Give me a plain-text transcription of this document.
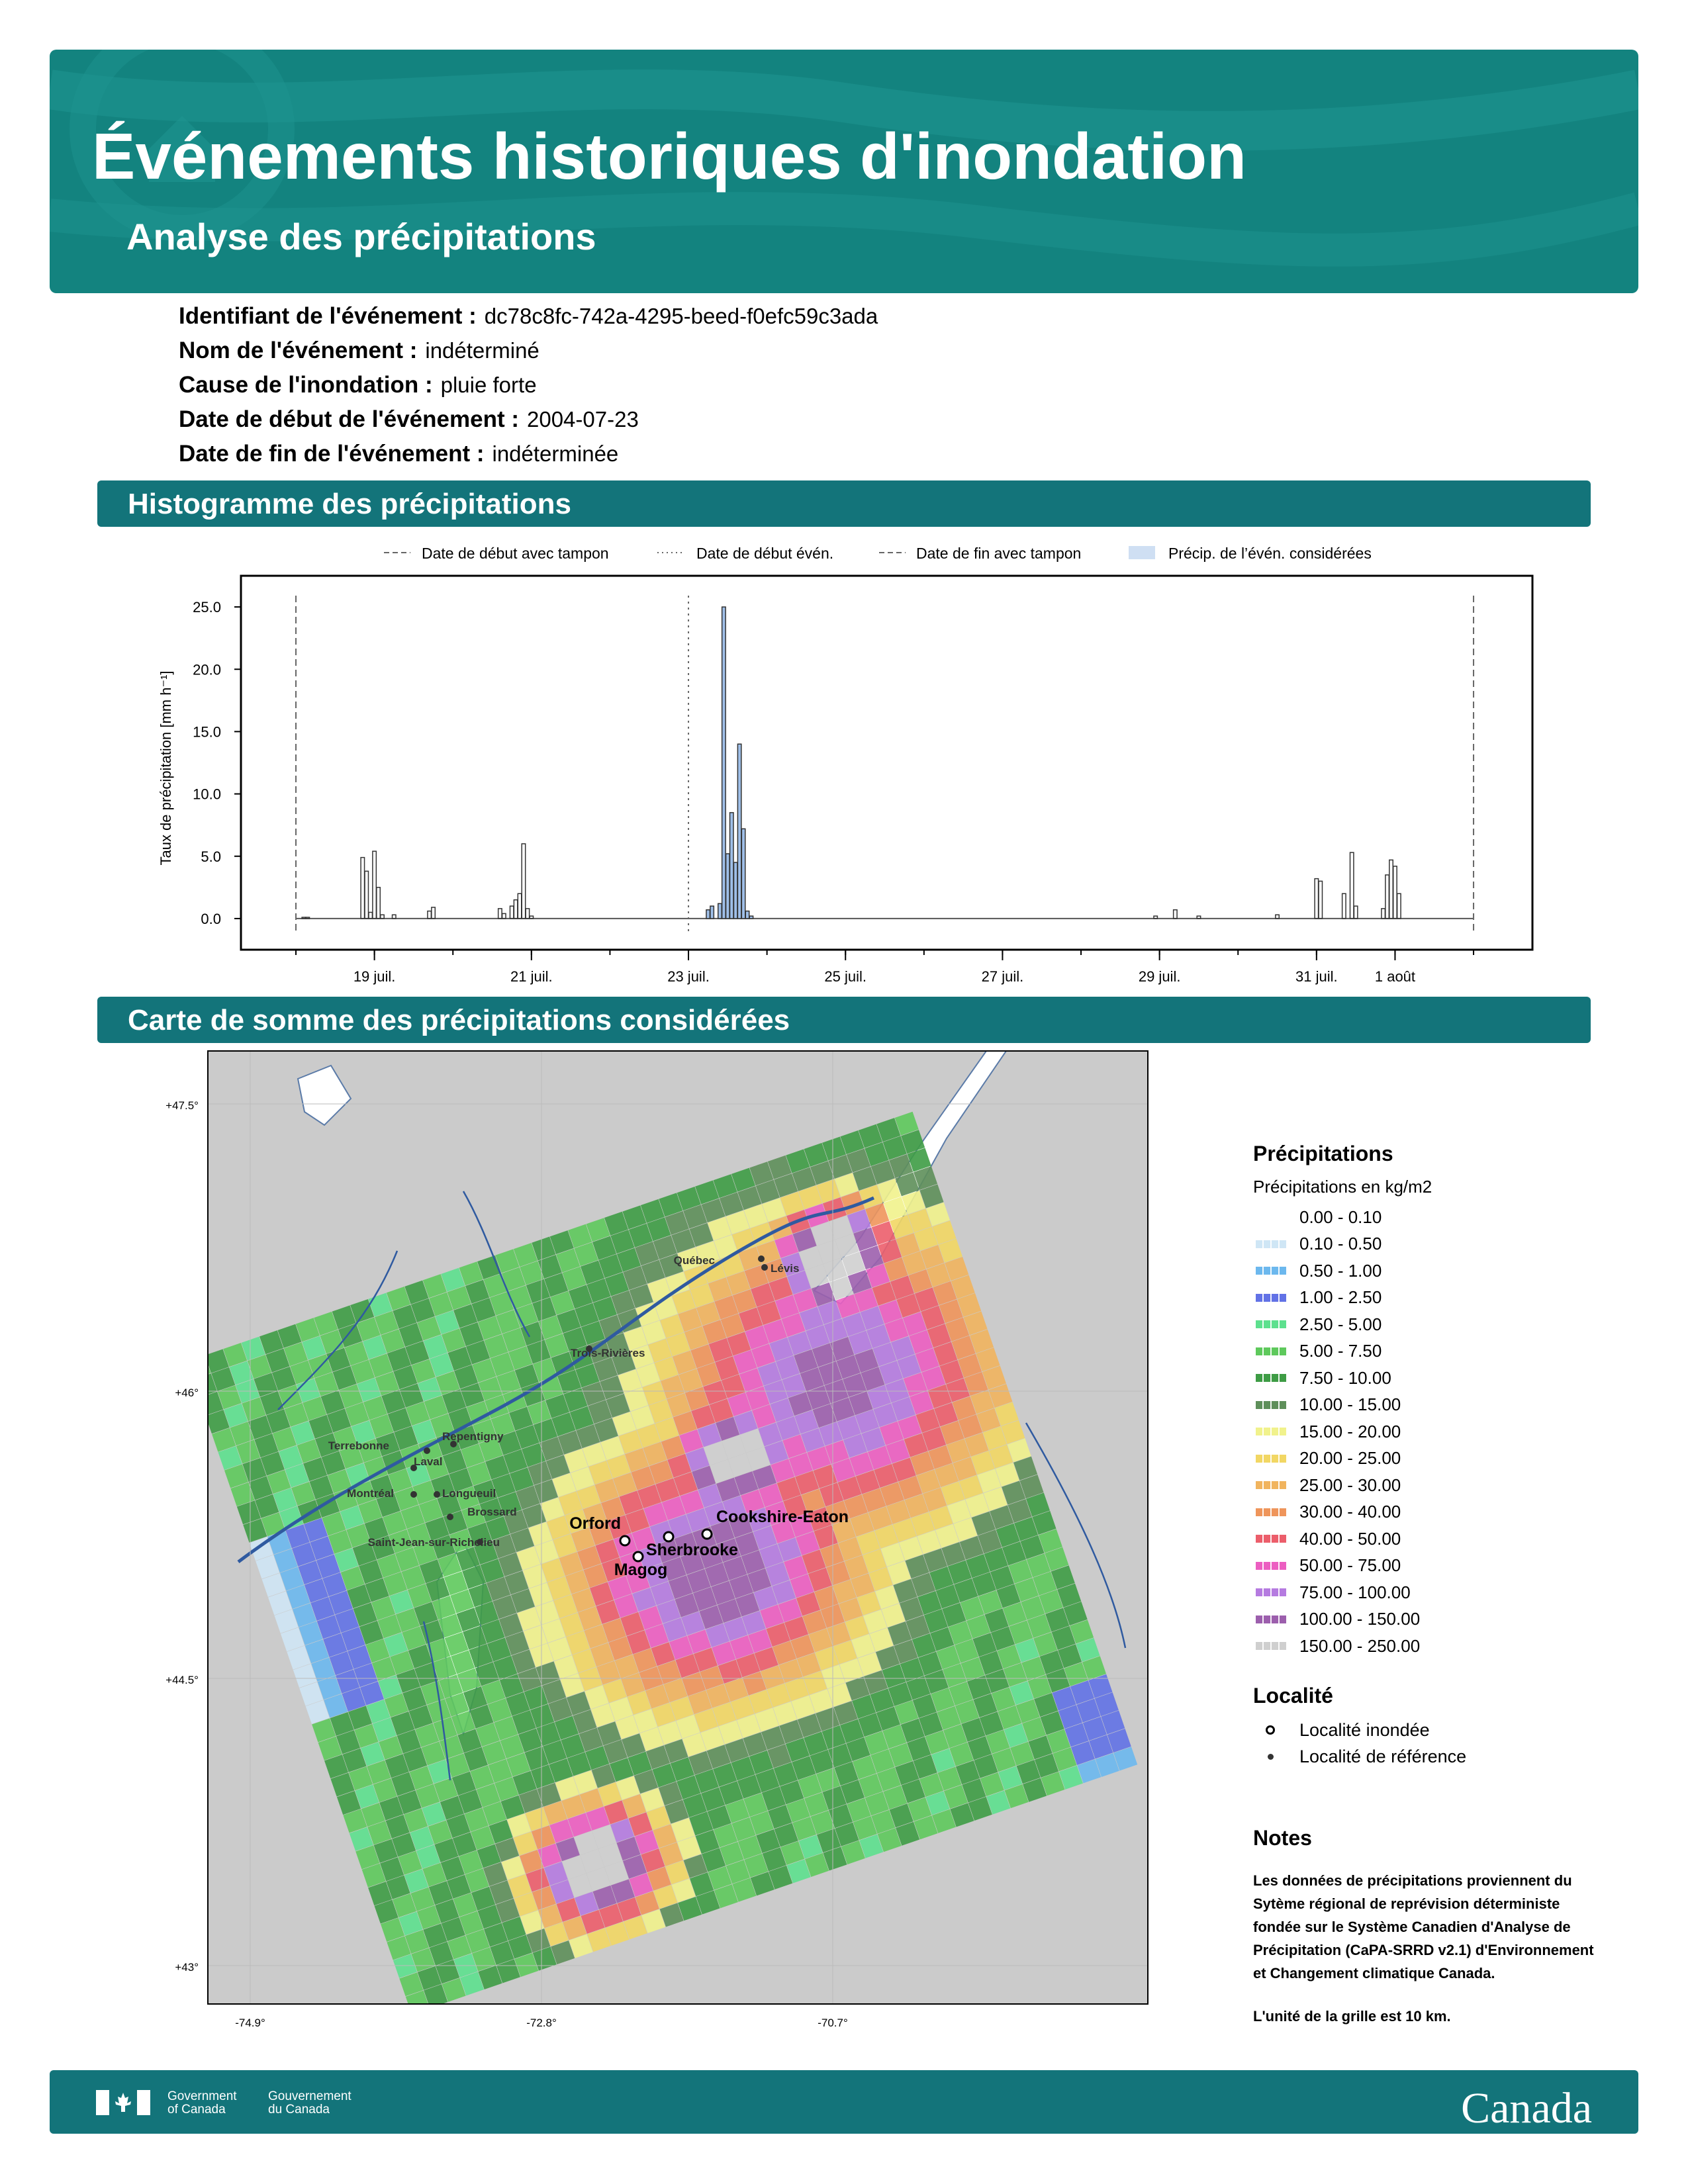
Événements historiques d'inondation
Analyse des précipitations
Identifiant de l'événement : dc78c8fc-742a-4295-beed-f0efc59c3ada
Nom de l'événement : indéterminé
Cause de l'inondation : pluie forte
Date de début de l'événement : 2004-07-23
Date de fin de l'événement : indéterminée
Histogramme des précipitations
Date de début avec tampon	Date de début évén.	Date de fin avec tampon	Précip. de l’évén. considérées
0.0
5.0
10.0
15.0
20.0
25.0
Taux de précipitation [mm h⁻¹]
19 juil.	21 juil.	23 juil.	25 juil.	27 juil.	29 juil.	31 juil.	1 août
Carte de somme des précipitations considérées
+47.5°
+46°
+44.5°
+43°
-74.9°	-72.8°	-70.7°
Québec
Lévis
Trois-Rivières
Terrebonne
Repentigny
Laval
Montréal	Longueuil
Brossard
Saint-Jean-sur-Richelieu
Orford
Sherbrooke
Magog
Cookshire-Eaton
Précipitations
Précipitations en kg/m2
0.00 - 0.10
0.10 - 0.50
0.50 - 1.00
1.00 - 2.50
2.50 - 5.00
5.00 - 7.50
7.50 - 10.00
10.00 - 15.00
15.00 - 20.00
20.00 - 25.00
25.00 - 30.00
30.00 - 40.00
40.00 - 50.00
50.00 - 75.00
75.00 - 100.00
100.00 - 150.00
150.00 - 250.00
Localité
Localité inondée
Localité de référence
Notes
Les données de précipitations proviennent du Sytème régional de reprévision déterministe fondée sur le Système Canadien d'Analyse de Précipitation (CaPA-SRRD v2.1) d'Environnement et Changement climatique Canada.
L'unité de la grille est 10 km.
Government
of Canada
Gouvernement
du Canada	Canada
